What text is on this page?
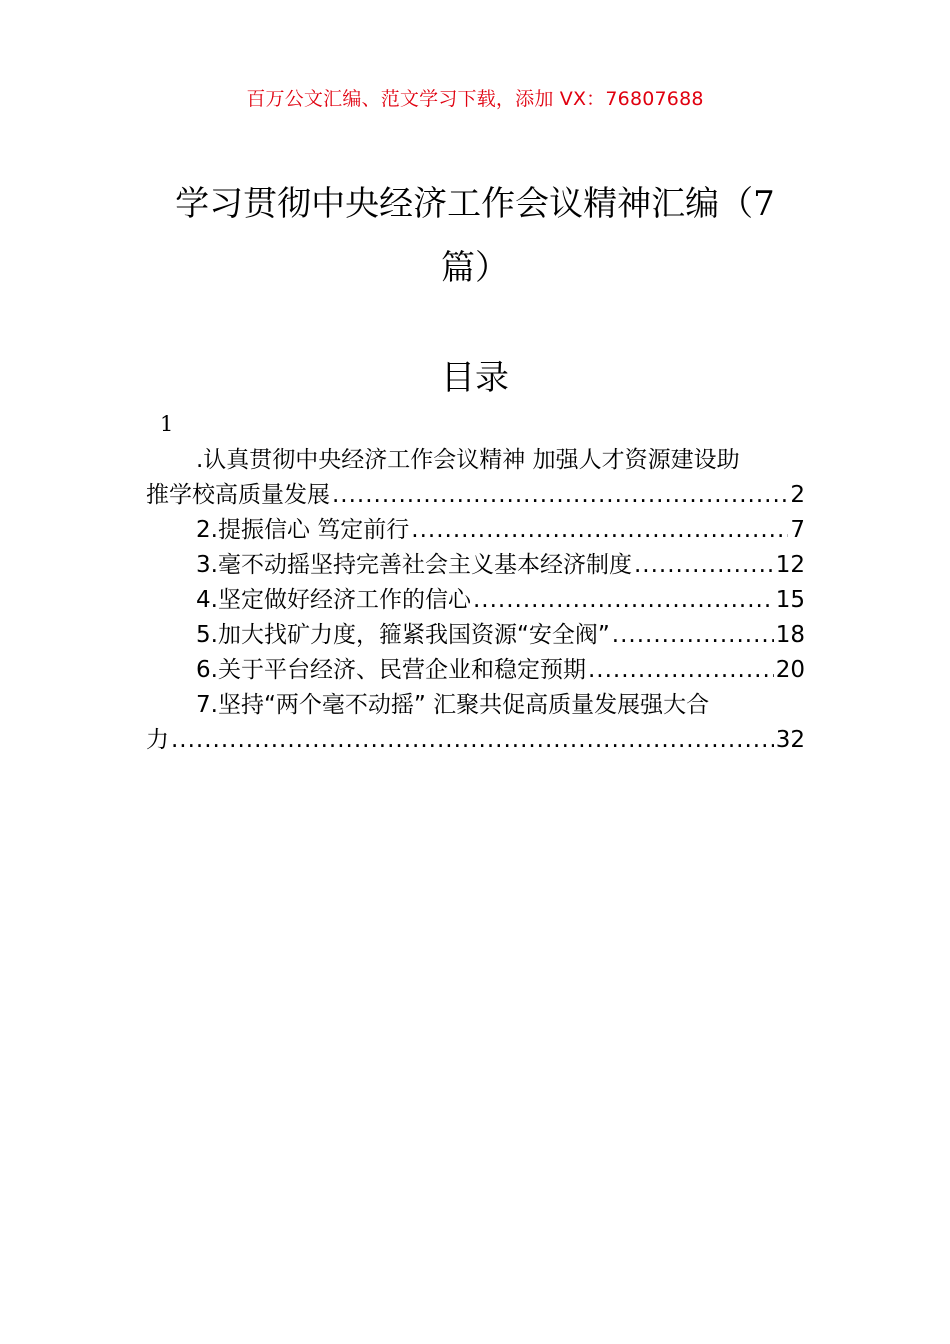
百万公文汇编、范文学习下载，添加 VX：76807688
学习贯彻中央经济工作会议精神汇编（7
篇）
目录
1
.认真贯彻中央经济工作会议精神 加强人才资源建设助
推学校高质量发展 .....	2
2.提振信心 笃定前行 .....	7
3.毫不动摇坚持完善社会主义基本经济制度 .....	12
4.坚定做好经济工作的信心 .....	15
5.加大找矿力度，箍紧我国资源“安全阀” .....	18
6.关于平台经济、民营企业和稳定预期 .....	20
7.坚持“两个毫不动摇” 汇聚共促高质量发展强大合
力 .....	32
